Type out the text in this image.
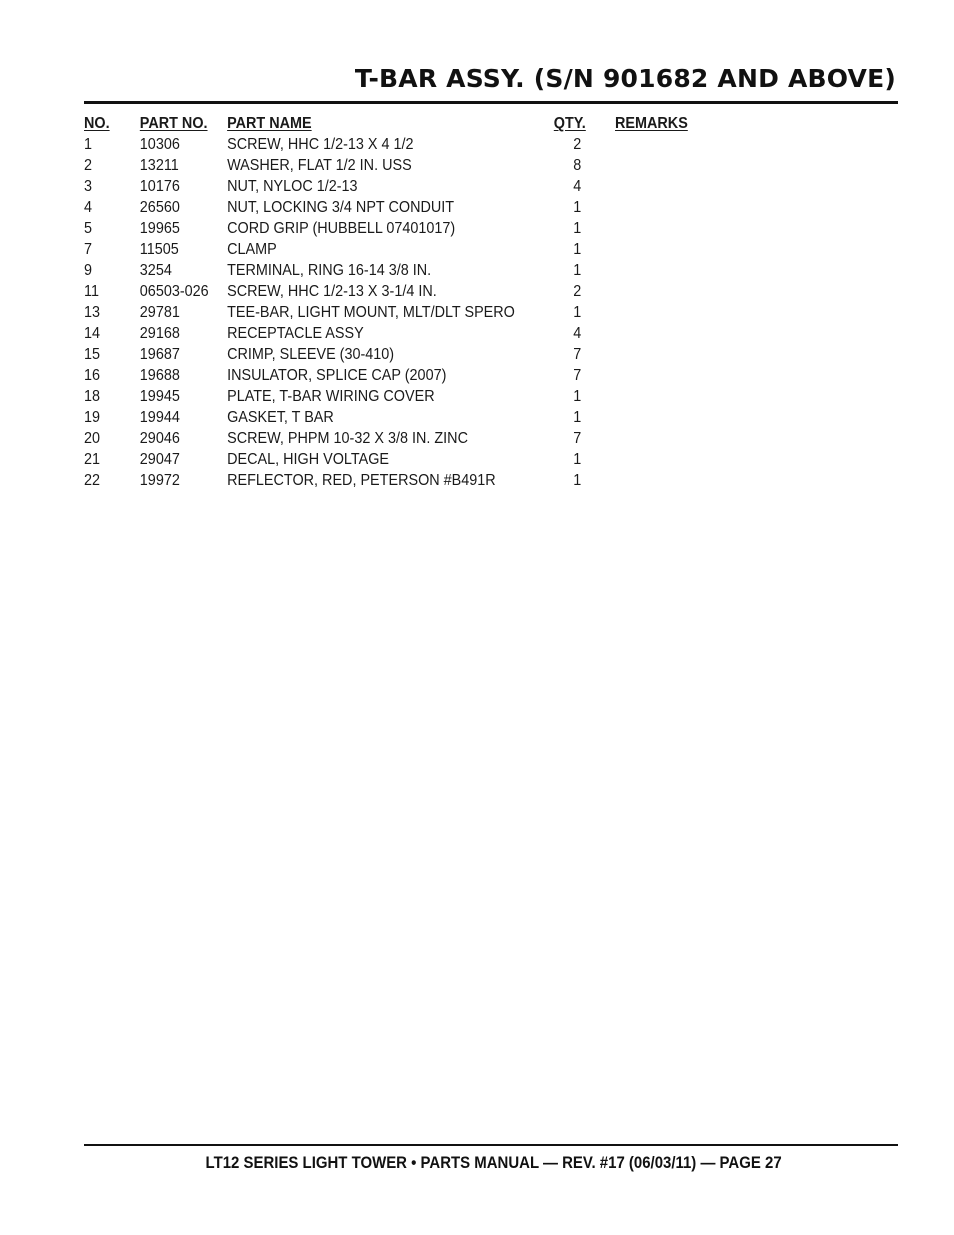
T-BAR ASSY. (S/N 901682 AND ABOVE)
NO. PART NO. PART NAME	QTY. REMARKS
1	10306	SCREW, HHC 1/2-13 X 4 1/2	2
2	13211	WASHER, FLAT 1/2 IN. USS	8
3	10176	NUT, NYLOC 1/2-13	4
4	26560	NUT, LOCKING 3/4 NPT CONDUIT	1
5	19965	CORD GRIP (HUBBELL 07401017)	1
7	11505	CLAMP	1
9	3254	TERMINAL, RING 16-14 3/8 IN.	1
11	06503-026 SCREW, HHC 1/2-13 X 3-1/4 IN.	2
13 29781	TEE-BAR, LIGHT MOUNT, MLT/DLT SPERO	1
14 29168	RECEPTACLE ASSY	4
15 19687	CRIMP, SLEEVE (30-410)	7
16 19688	INSULATOR, SPLICE CAP (2007)	7
18 19945	PLATE, T-BAR WIRING COVER	1
19 19944	GASKET, T BAR	1
20 29046	SCREW, PHPM 10-32 X 3/8 IN. ZINC	7
21 29047	DECAL, HIGH VOLTAGE	1
22 19972	REFLECTOR, RED, PETERSON #B491R	1
LT12 SERIES LIGHT TOWER • PARTS MANUAL — REV. #17 (06/03/11) — PAGE 27
